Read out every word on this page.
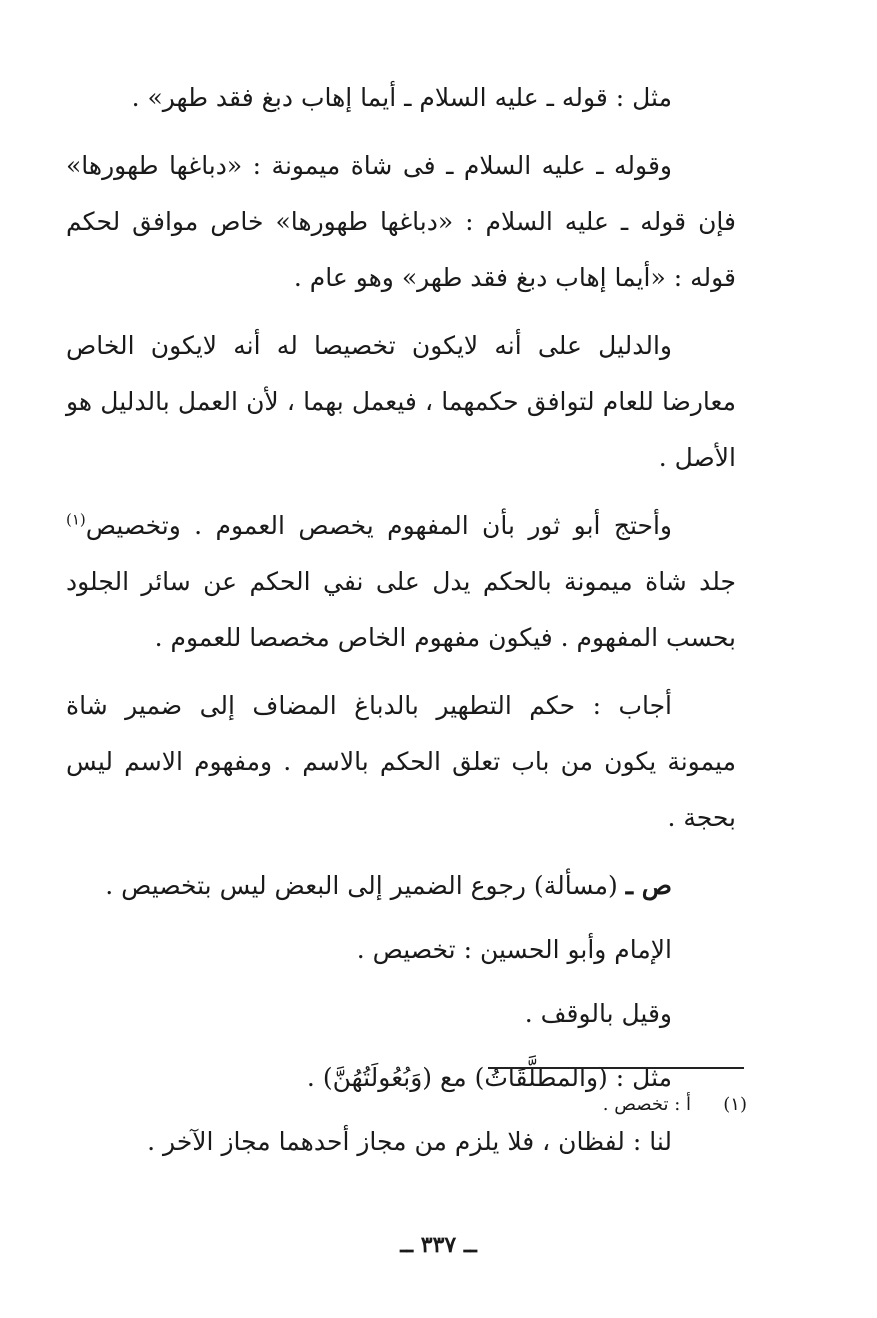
مثل : قوله ـ عليه السلام ـ أيما إهاب دبغ فقد طهر» .

وقوله ـ عليه السلام ـ فى شاة ميمونة : «دباغها طهورها» فإن قوله ـ عليه السلام : «دباغها طهورها» خاص موافق لحكم قوله : «أيما إهاب دبغ فقد طهر» وهو عام .

والدليل على أنه لايكون تخصيصا له أنه لايكون الخاص معارضا للعام لتوافق حكمهما ، فيعمل بهما ، لأن العمل بالدليل هو الأصل .

وأحتج أبو ثور بأن المفهوم يخصص العموم . وتخصيص$^{(١)}$ جلد شاة ميمونة بالحكم يدل على نفي الحكم عن سائر الجلود بحسب المفهوم . فيكون مفهوم الخاص مخصصا للعموم .

أجاب : حكم التطهير بالدباغ المضاف إلى ضمير شاة ميمونة يكون من باب تعلق الحكم بالاسم . ومفهوم الاسم ليس بحجة .

ص ـ (مسألة) رجوع الضمير إلى البعض ليس بتخصيص .

الإمام وأبو الحسين : تخصيص .

وقيل بالوقف .

مثل : (والمطلَّقَاتُ) مع (وَبُعُولَتُهُنَّ) .

لنا : لفظان ، فلا يلزم من مجاز أحدهما مجاز الآخر .

(١)أ : تخصص .
ــ ٣٣٧ ــ
